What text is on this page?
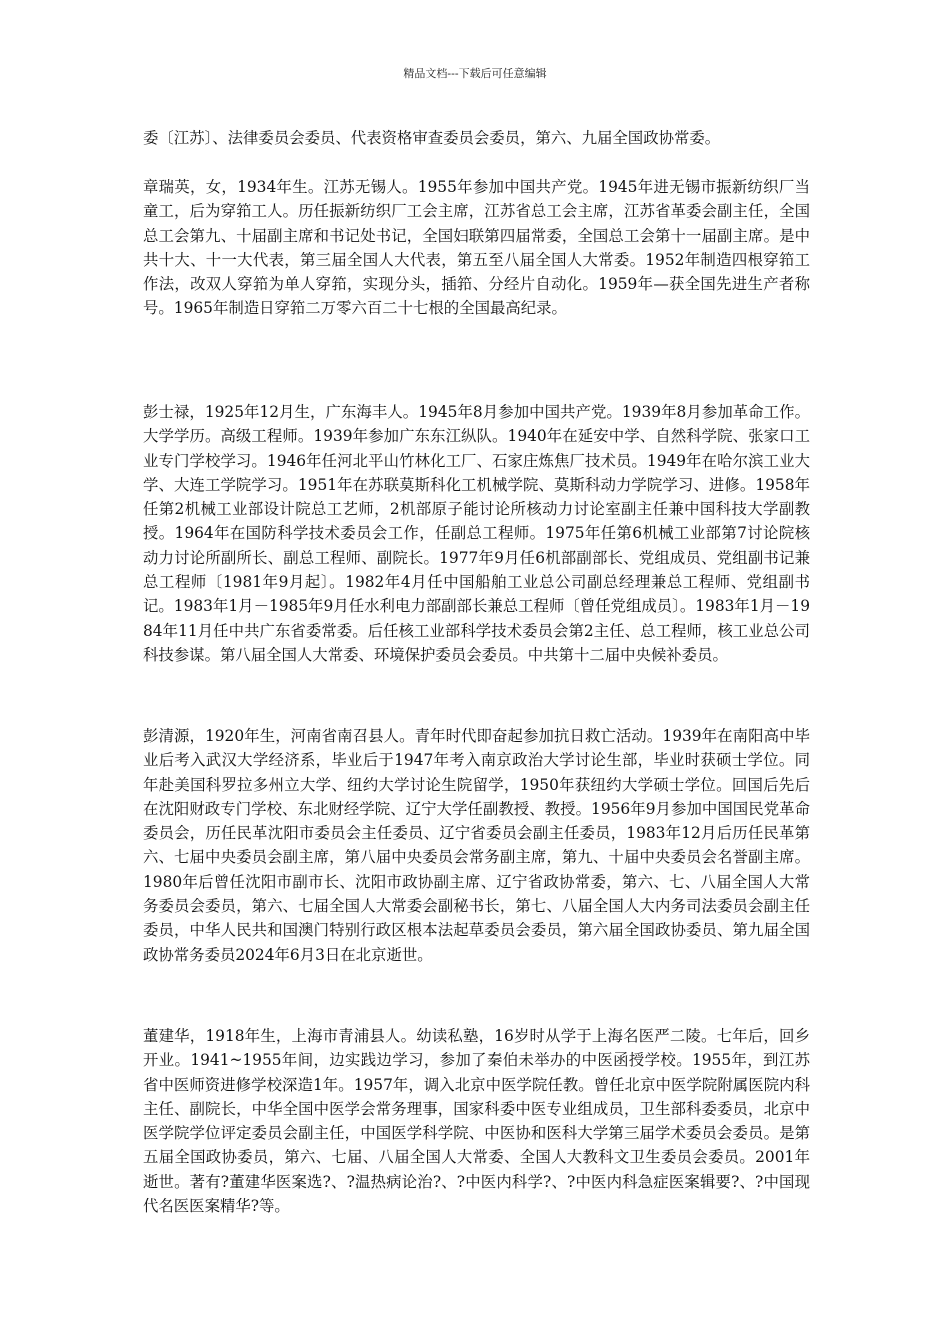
精品文档---下载后可任意编辑
委〔江苏〕、法律委员会委员、代表资格审查委员会委员，第六、九届全国政协常委。
章瑞英，女，1934年生。江苏无锡人。1955年参加中国共产党。1945年进无锡市振新纺织厂当童工，后为穿筘工人。历任振新纺织厂工会主席，江苏省总工会主席，江苏省革委会副主任，全国总工会第九、十届副主席和书记处书记，全国妇联第四届常委，全国总工会第十一届副主席。是中共十大、十一大代表，第三届全国人大代表，第五至八届全国人大常委。1952年制造四根穿筘工作法，改双人穿筘为单人穿筘，实现分头，插筘、分经片自动化。1959年—获全国先进生产者称号。1965年制造日穿筘二万零六百二十七根的全国最高纪录。
彭士禄，1925年12月生，广东海丰人。1945年8月参加中国共产党。1939年8月参加革命工作。大学学历。高级工程师。1939年参加广东东江纵队。1940年在延安中学、自然科学院、张家口工业专门学校学习。1946年任河北平山竹林化工厂、石家庄炼焦厂技术员。1949年在哈尔滨工业大学、大连工学院学习。1951年在苏联莫斯科化工机械学院、莫斯科动力学院学习、进修。1958年任第2机械工业部设计院总工艺师，2机部原子能讨论所核动力讨论室副主任兼中国科技大学副教授。1964年在国防科学技术委员会工作，任副总工程师。1975年任第6机械工业部第7讨论院核动力讨论所副所长、副总工程师、副院长。1977年9月任6机部副部长、党组成员、党组副书记兼总工程师〔1981年9月起〕。1982年4月任中国船舶工业总公司副总经理兼总工程师、党组副书记。1983年1月－1985年9月任水利电力部副部长兼总工程师〔曾任党组成员〕。1983年1月－1984年11月任中共广东省委常委。后任核工业部科学技术委员会第2主任、总工程师，核工业总公司科技参谋。第八届全国人大常委、环境保护委员会委员。中共第十二届中央候补委员。
彭清源，1920年生，河南省南召县人。青年时代即奋起参加抗日救亡活动。1939年在南阳高中毕业后考入武汉大学经济系，毕业后于1947年考入南京政治大学讨论生部，毕业时获硕士学位。同年赴美国科罗拉多州立大学、纽约大学讨论生院留学，1950年获纽约大学硕士学位。回国后先后在沈阳财政专门学校、东北财经学院、辽宁大学任副教授、教授。1956年9月参加中国国民党革命委员会，历任民革沈阳市委员会主任委员、辽宁省委员会副主任委员，1983年12月后历任民革第六、七届中央委员会副主席，第八届中央委员会常务副主席，第九、十届中央委员会名誉副主席。1980年后曾任沈阳市副市长、沈阳市政协副主席、辽宁省政协常委，第六、七、八届全国人大常务委员会委员，第六、七届全国人大常委会副秘书长，第七、八届全国人大内务司法委员会副主任委员，中华人民共和国澳门特别行政区根本法起草委员会委员，第六届全国政协委员、第九届全国政协常务委员2024年6月3日在北京逝世。
董建华，1918年生，上海市青浦县人。幼读私塾，16岁时从学于上海名医严二陵。七年后，回乡开业。1941~1955年间，边实践边学习，参加了秦伯未举办的中医函授学校。1955年，到江苏省中医师资进修学校深造1年。1957年，调入北京中医学院任教。曾任北京中医学院附属医院内科主任、副院长，中华全国中医学会常务理事，国家科委中医专业组成员，卫生部科委委员，北京中医学院学位评定委员会副主任，中国医学科学院、中医协和医科大学第三届学术委员会委员。是第五届全国政协委员，第六、七届、八届全国人大常委、全国人大教科文卫生委员会委员。2001年逝世。著有?董建华医案选?、?温热病论治?、?中医内科学?、?中医内科急症医案辑要?、?中国现代名医医案精华?等。
